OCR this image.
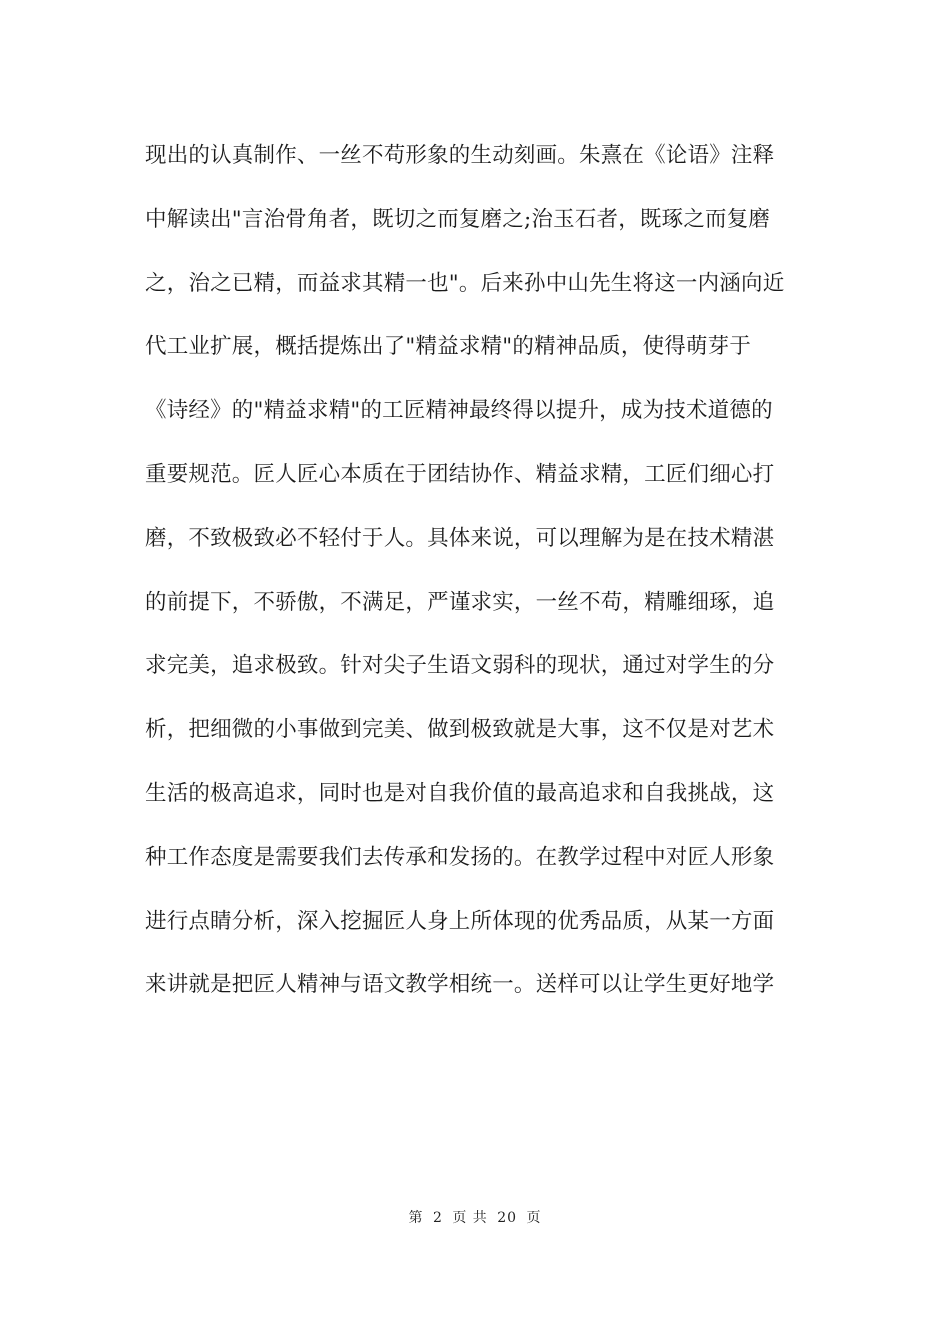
现出的认真制作、一丝不苟形象的生动刻画。朱熹在《论语》注释
中解读出"言治骨角者，既切之而复磨之;治玉石者，既琢之而复磨
之，治之已精，而益求其精一也"。后来孙中山先生将这一内涵向近
代工业扩展，概括提炼出了"精益求精"的精神品质，使得萌芽于
《诗经》的"精益求精"的工匠精神最终得以提升，成为技术道德的
重要规范。匠人匠心本质在于团结协作、精益求精，工匠们细心打
磨，不致极致必不轻付于人。具体来说，可以理解为是在技术精湛
的前提下，不骄傲，不满足，严谨求实，一丝不苟，精雕细琢，追
求完美，追求极致。针对尖子生语文弱科的现状，通过对学生的分
析，把细微的小事做到完美、做到极致就是大事，这不仅是对艺术
生活的极高追求，同时也是对自我价值的最高追求和自我挑战，这
种工作态度是需要我们去传承和发扬的。在教学过程中对匠人形象
进行点睛分析，深入挖掘匠人身上所体现的优秀品质，从某一方面
来讲就是把匠人精神与语文教学相统一。送样可以让学生更好地学
第 2 页 共 20 页
